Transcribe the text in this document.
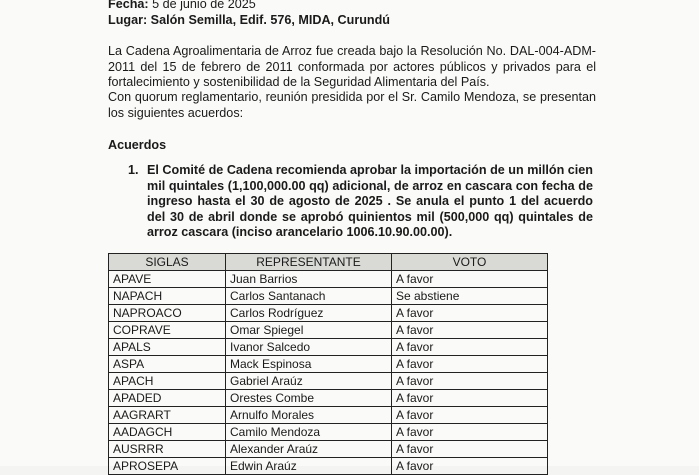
Fecha: 5 de junio de 2025
Lugar: Salón Semilla, Edif. 576, MIDA, Curundú
La Cadena Agroalimentaria de Arroz fue creada bajo la Resolución No. DAL-004-ADM-2011 del 15 de febrero de 2011 conformada por actores públicos y privados para el fortalecimiento y sostenibilidad de la Seguridad Alimentaria del País.
Con quorum reglamentario, reunión presidida por el Sr. Camilo Mendoza, se presentan los siguientes acuerdos:
Acuerdos
1. El Comité de Cadena recomienda aprobar la importación de un millón cien mil quintales (1,100,000.00 qq) adicional, de arroz en cascara con fecha de ingreso hasta el 30 de agosto de 2025 . Se anula el punto 1 del acuerdo del 30 de abril donde se aprobó quinientos mil (500,000 qq) quintales de arroz cascara (inciso arancelario 1006.10.90.00.00).
SIGLAS	REPRESENTANTE	VOTO
APAVE	Juan Barrios	A favor
NAPACH	Carlos Santanach	Se abstiene
NAPROACO	Carlos Rodríguez	A favor
COPRAVE	Omar Spiegel	A favor
APALS	Ivanor Salcedo	A favor
ASPA	Mack Espinosa	A favor
APACH	Gabriel Araúz	A favor
APADED	Orestes Combe	A favor
AAGRART	Arnulfo Morales	A favor
AADAGCH	Camilo Mendoza	A favor
AUSRRR	Alexander Araúz	A favor
APROSEPA	Edwin Araúz	A favor
